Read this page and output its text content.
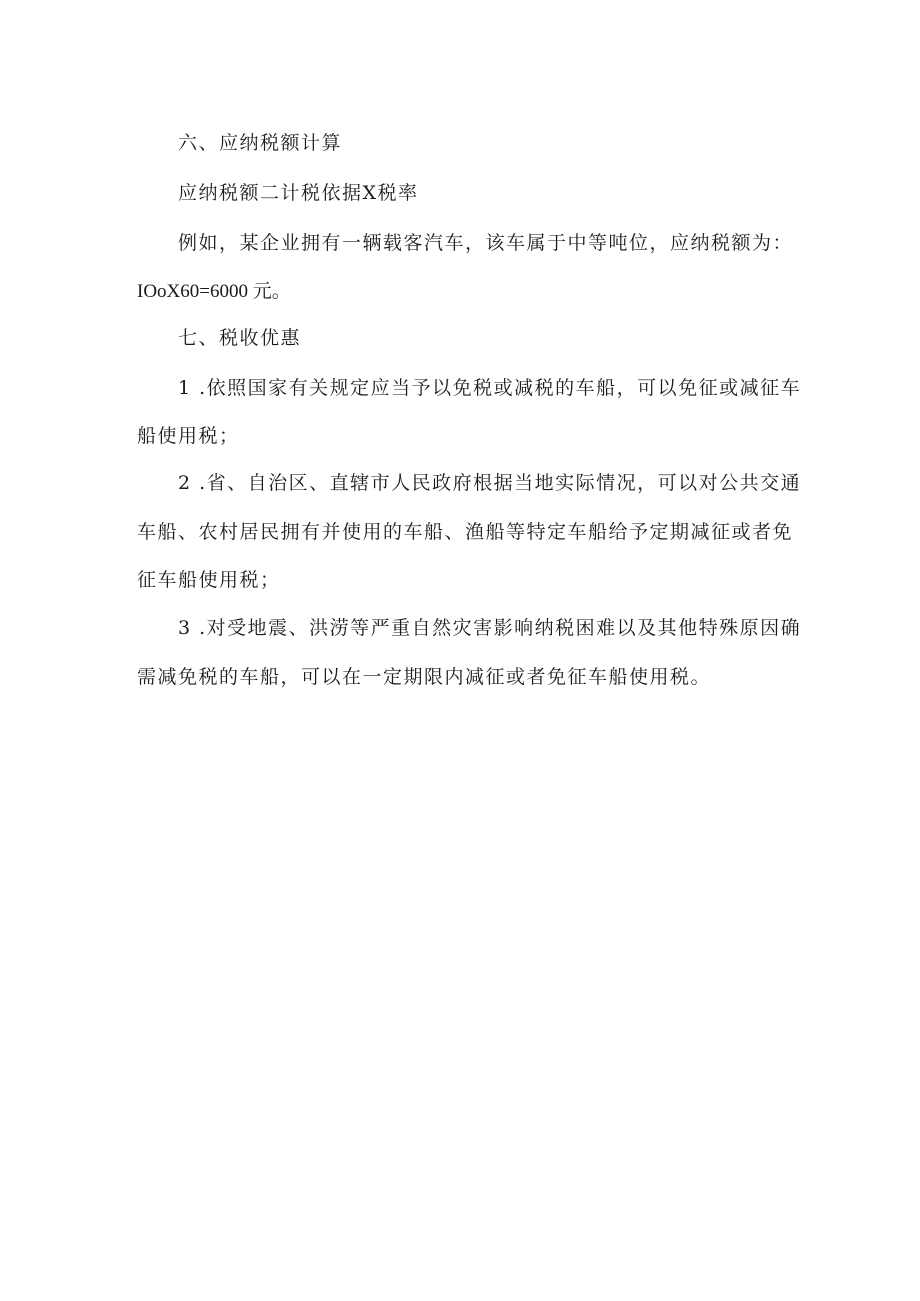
六、应纳税额计算
应纳税额二计税依据X税率
例如，某企业拥有一辆载客汽车，该车属于中等吨位，应纳税额为：
IOoX60=6000 元。
七、税收优惠
1 .依照国家有关规定应当予以免税或减税的车船，可以免征或减征车
船使用税；
2 .省、自治区、直辖市人民政府根据当地实际情况，可以对公共交通
车船、农村居民拥有并使用的车船、渔船等特定车船给予定期减征或者免
征车船使用税；
3 .对受地震、洪涝等严重自然灾害影响纳税困难以及其他特殊原因确
需减免税的车船，可以在一定期限内减征或者免征车船使用税。
